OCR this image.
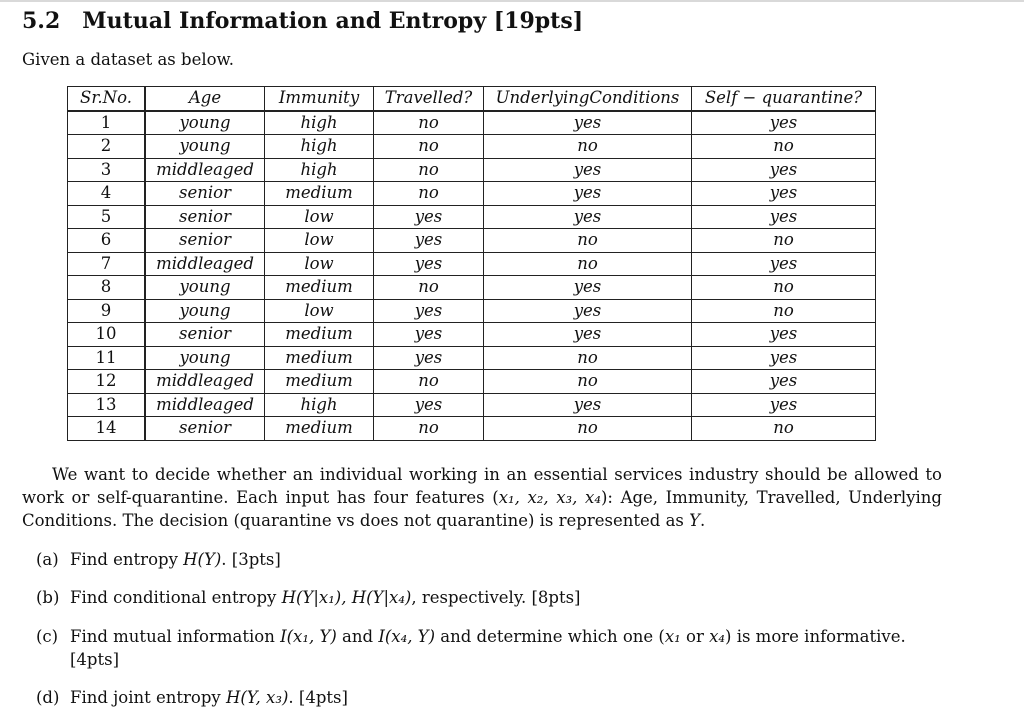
5.2 Mutual Information and Entropy [19pts]
Given a dataset as below.
Sr.No.	Age	Immunity	Travelled?	UnderlyingConditions	Self − quarantine?
1	young	high	no	yes	yes
2	young	high	no	no	no
3	middleaged	high	no	yes	yes
4	senior	medium	no	yes	yes
5	senior	low	yes	yes	yes
6	senior	low	yes	no	no
7	middleaged	low	yes	no	yes
8	young	medium	no	yes	no
9	young	low	yes	yes	no
10	senior	medium	yes	yes	yes
11	young	medium	yes	no	yes
12	middleaged	medium	no	no	yes
13	middleaged	high	yes	yes	yes
14	senior	medium	no	no	no
We want to decide whether an individual working in an essential services industry should be allowed to work or self-quarantine. Each input has four features (x₁, x₂, x₃, x₄): Age, Immunity, Travelled, Underlying Conditions. The decision (quarantine vs does not quarantine) is represented as Y.
(a) Find entropy H(Y). [3pts]
(b) Find conditional entropy H(Y|x₁), H(Y|x₄), respectively. [8pts]
(c) Find mutual information I(x₁, Y) and I(x₄, Y) and determine which one (x₁ or x₄) is more informative.
[4pts]
(d) Find joint entropy H(Y, x₃). [4pts]
